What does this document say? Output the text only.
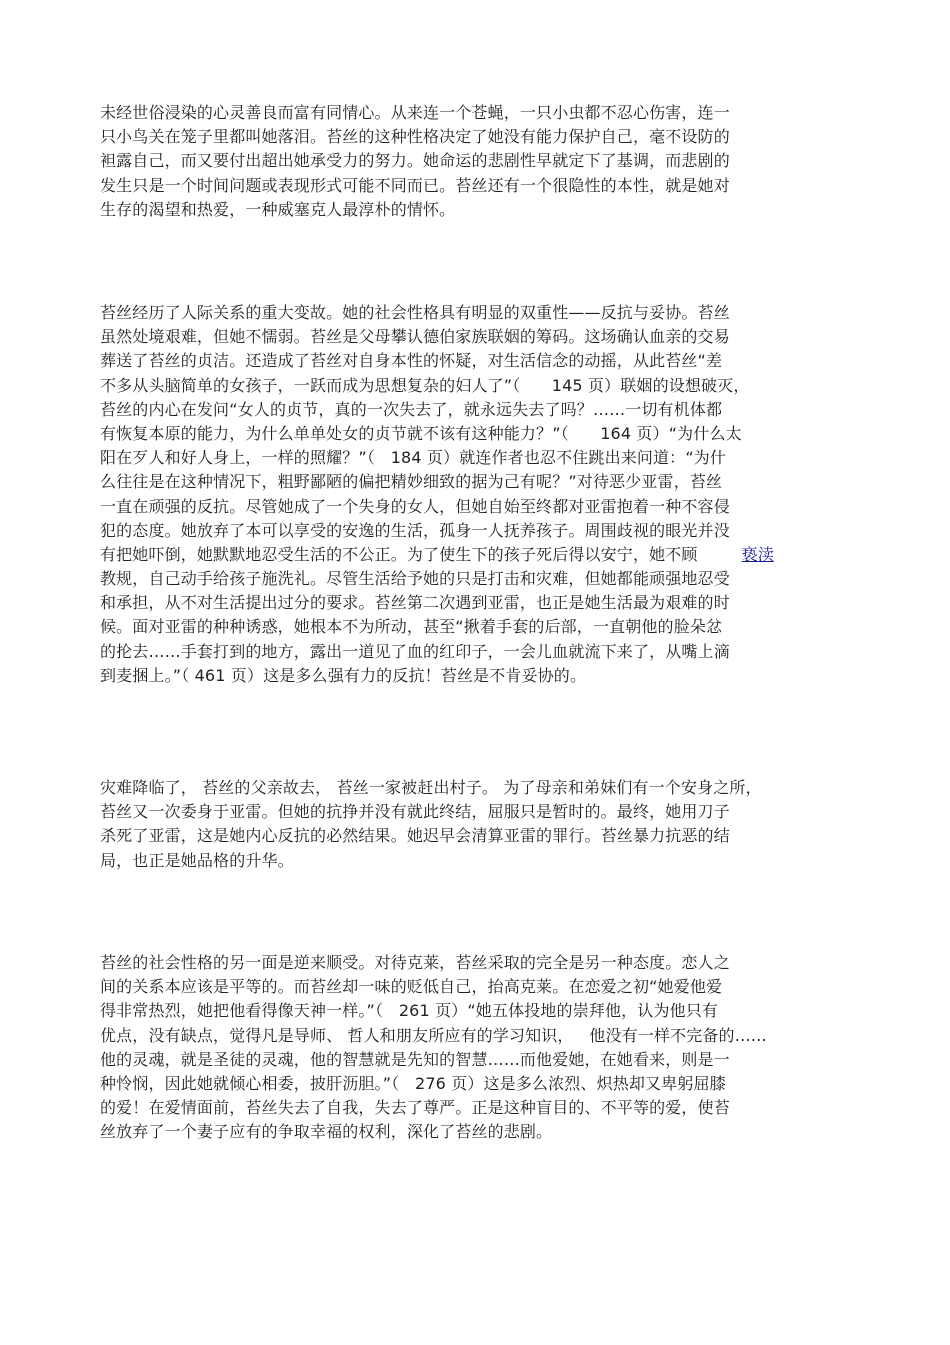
未经世俗浸染的心灵善良而富有同情心。从来连一个苍蝇，一只小虫都不忍心伤害，连一
只小鸟关在笼子里都叫她落泪。苔丝的这种性格决定了她没有能力保护自己，毫不设防的
袒露自己，而又要付出超出她承受力的努力。她命运的悲剧性早就定下了基调，而悲剧的
发生只是一个时间问题或表现形式可能不同而已。苔丝还有一个很隐性的本性，就是她对
生存的渴望和热爱，一种威塞克人最淳朴的情怀。
苔丝经历了人际关系的重大变故。她的社会性格具有明显的双重性——反抗与妥协。苔丝
虽然处境艰难，但她不懦弱。苔丝是父母攀认德伯家族联姻的筹码。这场确认血亲的交易
葬送了苔丝的贞洁。还造成了苔丝对自身本性的怀疑，对生活信念的动摇，从此苔丝“差
不多从头脑简单的女孩子，一跃而成为思想复杂的妇人了”（      145 页）联姻的设想破灭，
苔丝的内心在发问“女人的贞节，真的一次失去了，就永远失去了吗？……一切有机体都
有恢复本原的能力，为什么单单处女的贞节就不该有这种能力？”（      164 页）“为什么太
阳在歹人和好人身上，一样的照耀？”（   184 页）就连作者也忍不住跳出来问道：“为什
么往往是在这种情况下，粗野鄙陋的偏把精妙细致的据为己有呢？”对待恶少亚雷，苔丝
一直在顽强的反抗。尽管她成了一个失身的女人，但她自始至终都对亚雷抱着一种不容侵
犯的态度。她放弃了本可以享受的安逸的生活，孤身一人抚养孩子。周围歧视的眼光并没
有把她吓倒，她默默地忍受生活的不公正。为了使生下的孩子死后得以安宁，她不顾	亵渎
教规，自己动手给孩子施洗礼。尽管生活给予她的只是打击和灾难，但她都能顽强地忍受
和承担，从不对生活提出过分的要求。苔丝第二次遇到亚雷，也正是她生活最为艰难的时
候。面对亚雷的种种诱惑，她根本不为所动，甚至“揪着手套的后部，一直朝他的脸朵忿
的抡去……手套打到的地方，露出一道见了血的红印子，一会儿血就流下来了，从嘴上滴
到麦捆上。”（ 461 页）这是多么强有力的反抗！苔丝是不肯妥协的。
灾难降临了， 苔丝的父亲故去， 苔丝一家被赶出村子。 为了母亲和弟妹们有一个安身之所，
苔丝又一次委身于亚雷。但她的抗挣并没有就此终结，屈服只是暂时的。最终，她用刀子
杀死了亚雷，这是她内心反抗的必然结果。她迟早会清算亚雷的罪行。苔丝暴力抗恶的结
局，也正是她品格的升华。
苔丝的社会性格的另一面是逆来顺受。对待克莱，苔丝采取的完全是另一种态度。恋人之
间的关系本应该是平等的。而苔丝却一味的贬低自己，抬高克莱。在恋爱之初“她爱他爱
得非常热烈，她把他看得像天神一样。”（   261 页）“她五体投地的崇拜他，认为他只有
优点，没有缺点，觉得凡是导师、 哲人和朋友所应有的学习知识，   他没有一样不完备的……
他的灵魂，就是圣徒的灵魂，他的智慧就是先知的智慧……而他爱她，在她看来，则是一
种怜悯，因此她就倾心相委，披肝沥胆。”（   276 页）这是多么浓烈、炽热却又卑躬屈膝
的爱！在爱情面前，苔丝失去了自我，失去了尊严。正是这种盲目的、不平等的爱，使苔
丝放弃了一个妻子应有的争取幸福的权利，深化了苔丝的悲剧。
